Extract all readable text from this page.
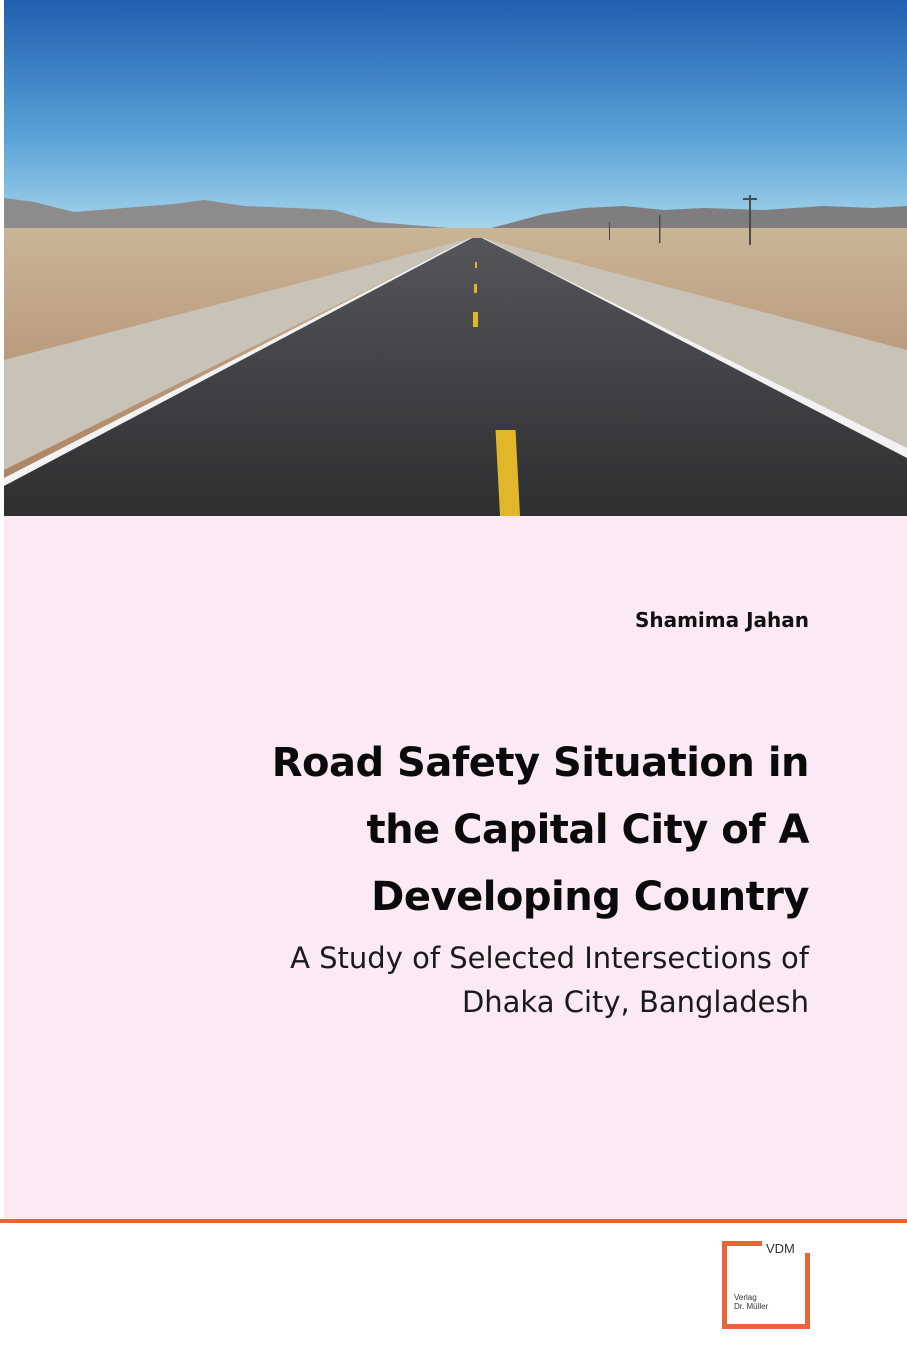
Shamima Jahan
Road Safety Situation in
the Capital City of A
Developing Country
A Study of Selected Intersections of
Dhaka City, Bangladesh
VDM
Verlag
Dr. Müller
